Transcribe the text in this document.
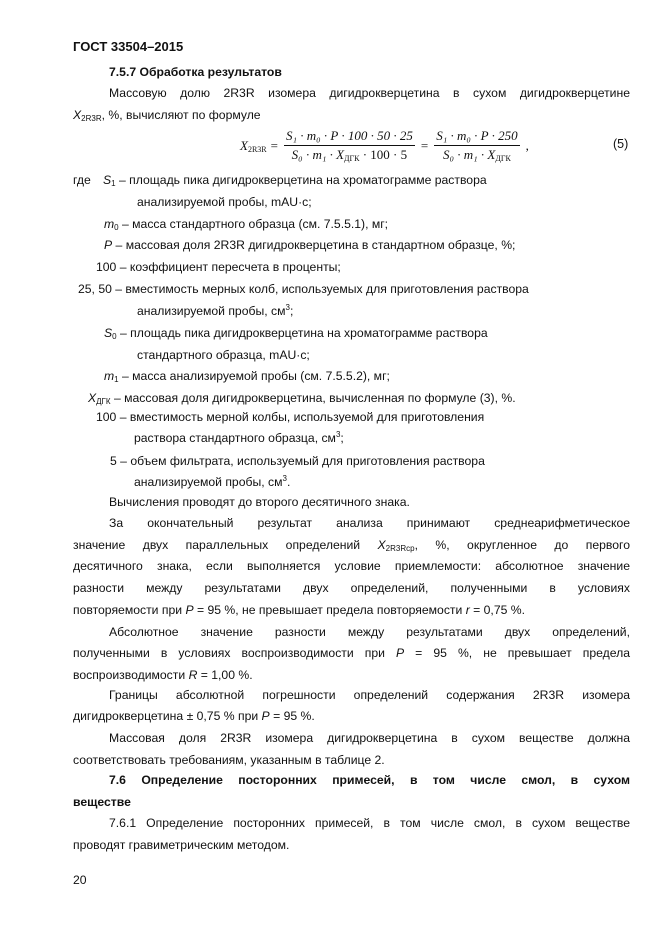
ГОСТ 33504–2015
7.5.7 Обработка результатов
Массовую долю 2R3R изомера дигидрокверцетина в сухом дигидрокверцетине
$X_{2R3R}$, %, вычисляют по формуле
$X_{2R3R} = \frac{\text{S₁ · m₀ · P · 100 · 50 · 25}}{S_0 \cdot m_1 \cdot X_{ДГК} \cdot 100 \cdot 5} = \frac{\text{S₁ · m₀ · P · 250}}{S_0 \cdot m_1 \cdot X_{ДГК}}$ ,	(5)
где $S_1$ – площадь пика дигидрокверцетина на хроматограмме раствора
анализируемой пробы, mAU·c;
$m_0$ – масса стандартного образца (см. 7.5.5.1), мг;
P – массовая доля 2R3R дигидрокверцетина в стандартном образце, %;
100 – коэффициент пересчета в проценты;
25, 50 – вместимость мерных колб, используемых для приготовления раствора
анализируемой пробы, $см^3$;
$S_0$ – площадь пика дигидрокверцетина на хроматограмме раствора
стандартного образца, mAU·c;
$m_1$ – масса анализируемой пробы (см. 7.5.5.2), мг;
$X_{ДГК}$ – массовая доля дигидрокверцетина, вычисленная по формуле (3), %.
100 – вместимость мерной колбы, используемой для приготовления
раствора стандартного образца, $см^3$;
5 – объем фильтрата, используемый для приготовления раствора
анализируемой пробы, $см^3$.
Вычисления проводят до второго десятичного знака.
За окончательный результат анализа принимают среднеарифметическое
значение двух параллельных определений $X_{2R3Rср}$, %, округленное до первого
десятичного знака, если выполняется условие приемлемости: абсолютное значение
разности между результатами двух определений, полученными в условиях
повторяемости при P = 95 %, не превышает предела повторяемости r = 0,75 %.
Абсолютное значение разности между результатами двух определений,
полученными в условиях воспроизводимости при P = 95 %, не превышает предела
воспроизводимости R = 1,00 %.
Границы абсолютной погрешности определений содержания 2R3R изомера
дигидрокверцетина ± 0,75 % при P = 95 %.
Массовая доля 2R3R изомера дигидрокверцетина в сухом веществе должна
соответствовать требованиям, указанным в таблице 2.
7.6 Определение посторонних примесей, в том числе смол, в сухом
веществе
7.6.1 Определение посторонних примесей, в том числе смол, в сухом веществе
проводят гравиметрическим методом.
20
